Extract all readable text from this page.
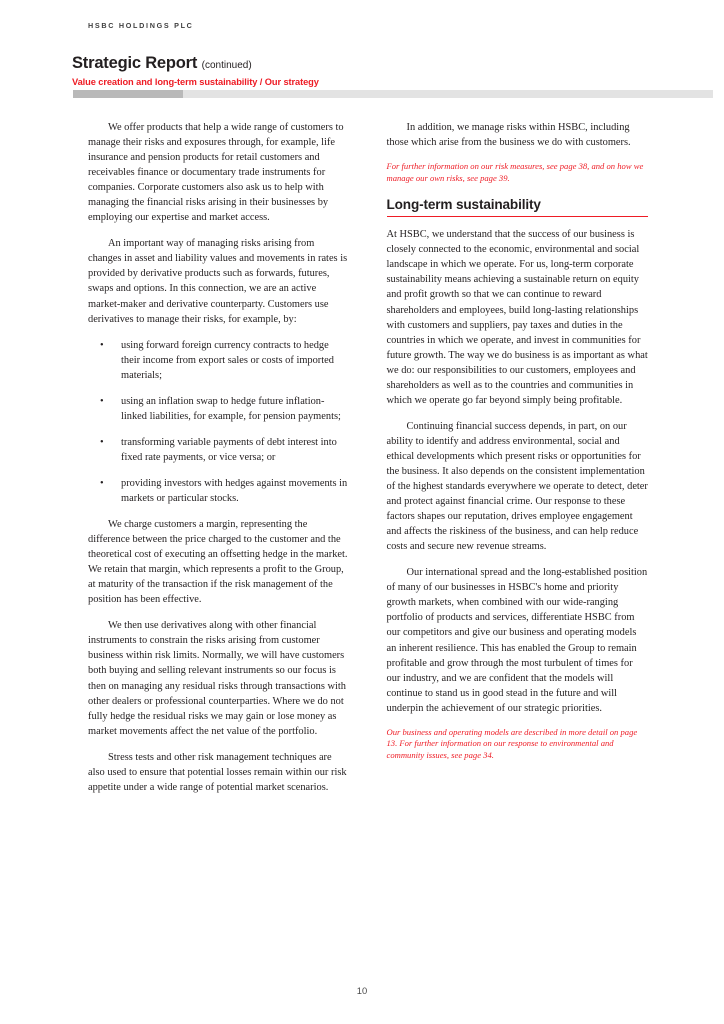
HSBC HOLDINGS PLC
Strategic Report (continued)
Value creation and long-term sustainability / Our strategy

We offer products that help a wide range of customers to manage their risks and exposures through, for example, life insurance and pension products for retail customers and receivables finance or documentary trade instruments for companies. Corporate customers also ask us to help with managing the financial risks arising in their businesses by employing our expertise and market access.

An important way of managing risks arising from changes in asset and liability values and movements in rates is provided by derivative products such as forwards, futures, swaps and options. In this connection, we are an active market-maker and derivative counterparty. Customers use derivatives to manage their risks, for example, by:

• using forward foreign currency contracts to hedge their income from export sales or costs of imported materials;
• using an inflation swap to hedge future inflation-linked liabilities, for example, for pension payments;
• transforming variable payments of debt interest into fixed rate payments, or vice versa; or
• providing investors with hedges against movements in markets or particular stocks.

We charge customers a margin, representing the difference between the price charged to the customer and the theoretical cost of executing an offsetting hedge in the market. We retain that margin, which represents a profit to the Group, at maturity of the transaction if the risk management of the position has been effective.

We then use derivatives along with other financial instruments to constrain the risks arising from customer business within risk limits. Normally, we will have customers both buying and selling relevant instruments so our focus is then on managing any residual risks through transactions with other dealers or professional counterparties. Where we do not fully hedge the residual risks we may gain or lose money as market movements affect the net value of the portfolio.

Stress tests and other risk management techniques are also used to ensure that potential losses remain within our risk appetite under a wide range of potential market scenarios.

In addition, we manage risks within HSBC, including those which arise from the business we do with customers.

For further information on our risk measures, see page 38, and on how we manage our own risks, see page 39.

Long-term sustainability

At HSBC, we understand that the success of our business is closely connected to the economic, environmental and social landscape in which we operate. For us, long-term corporate sustainability means achieving a sustainable return on equity and profit growth so that we can continue to reward shareholders and employees, build long-lasting relationships with customers and suppliers, pay taxes and duties in the countries in which we operate, and invest in communities for future growth. The way we do business is as important as what we do: our responsibilities to our customers, employees and shareholders as well as to the countries and communities in which we operate go far beyond simply being profitable.

Continuing financial success depends, in part, on our ability to identify and address environmental, social and ethical developments which present risks or opportunities for the business. It also depends on the consistent implementation of the highest standards everywhere we operate to detect, deter and protect against financial crime. Our response to these factors shapes our reputation, drives employee engagement and affects the riskiness of the business, and can help reduce costs and secure new revenue streams.

Our international spread and the long-established position of many of our businesses in HSBC's home and priority growth markets, when combined with our wide-ranging portfolio of products and services, differentiate HSBC from our competitors and give our business and operating models an inherent resilience. This has enabled the Group to remain profitable and grow through the most turbulent of times for our industry, and we are confident that the models will continue to stand us in good stead in the future and will underpin the achievement of our strategic priorities.

Our business and operating models are described in more detail on page 13. For further information on our response to environmental and community issues, see page 34.

10
